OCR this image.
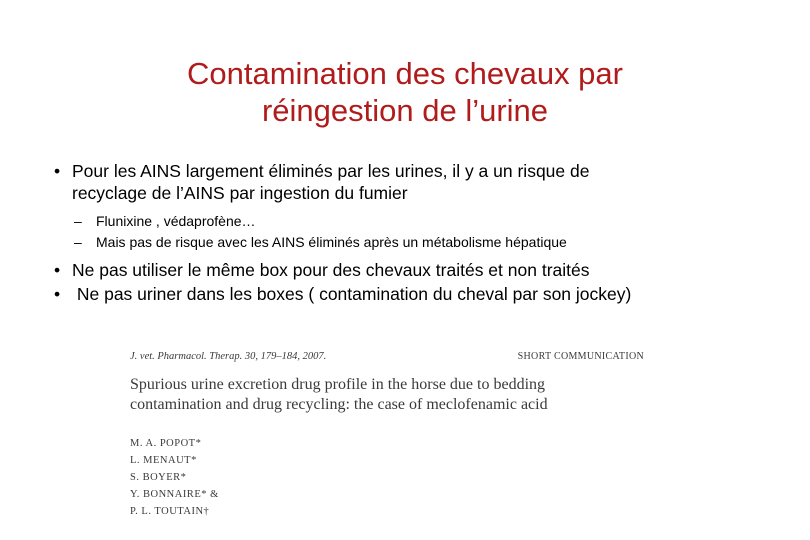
Contamination des chevaux par
réingestion de l’urine
• Pour les AINS largement éliminés par les urines, il y a un risque de
recyclage de l’AINS par ingestion du fumier
– Flunixine , védaprofène…
– Mais pas de risque avec les AINS éliminés après un métabolisme hépatique
• Ne pas utiliser le même box pour des chevaux traités et non traités
• Ne pas uriner dans les boxes ( contamination du cheval par son jockey)
J. vet. Pharmacol. Therap. 30, 179–184, 2007.	SHORT COMMUNICATION
Spurious urine excretion drug profile in the horse due to bedding
contamination and drug recycling: the case of meclofenamic acid
M. A. POPOT*
L. MENAUT*
S. BOYER*
Y. BONNAIRE* &
P. L. TOUTAIN†
